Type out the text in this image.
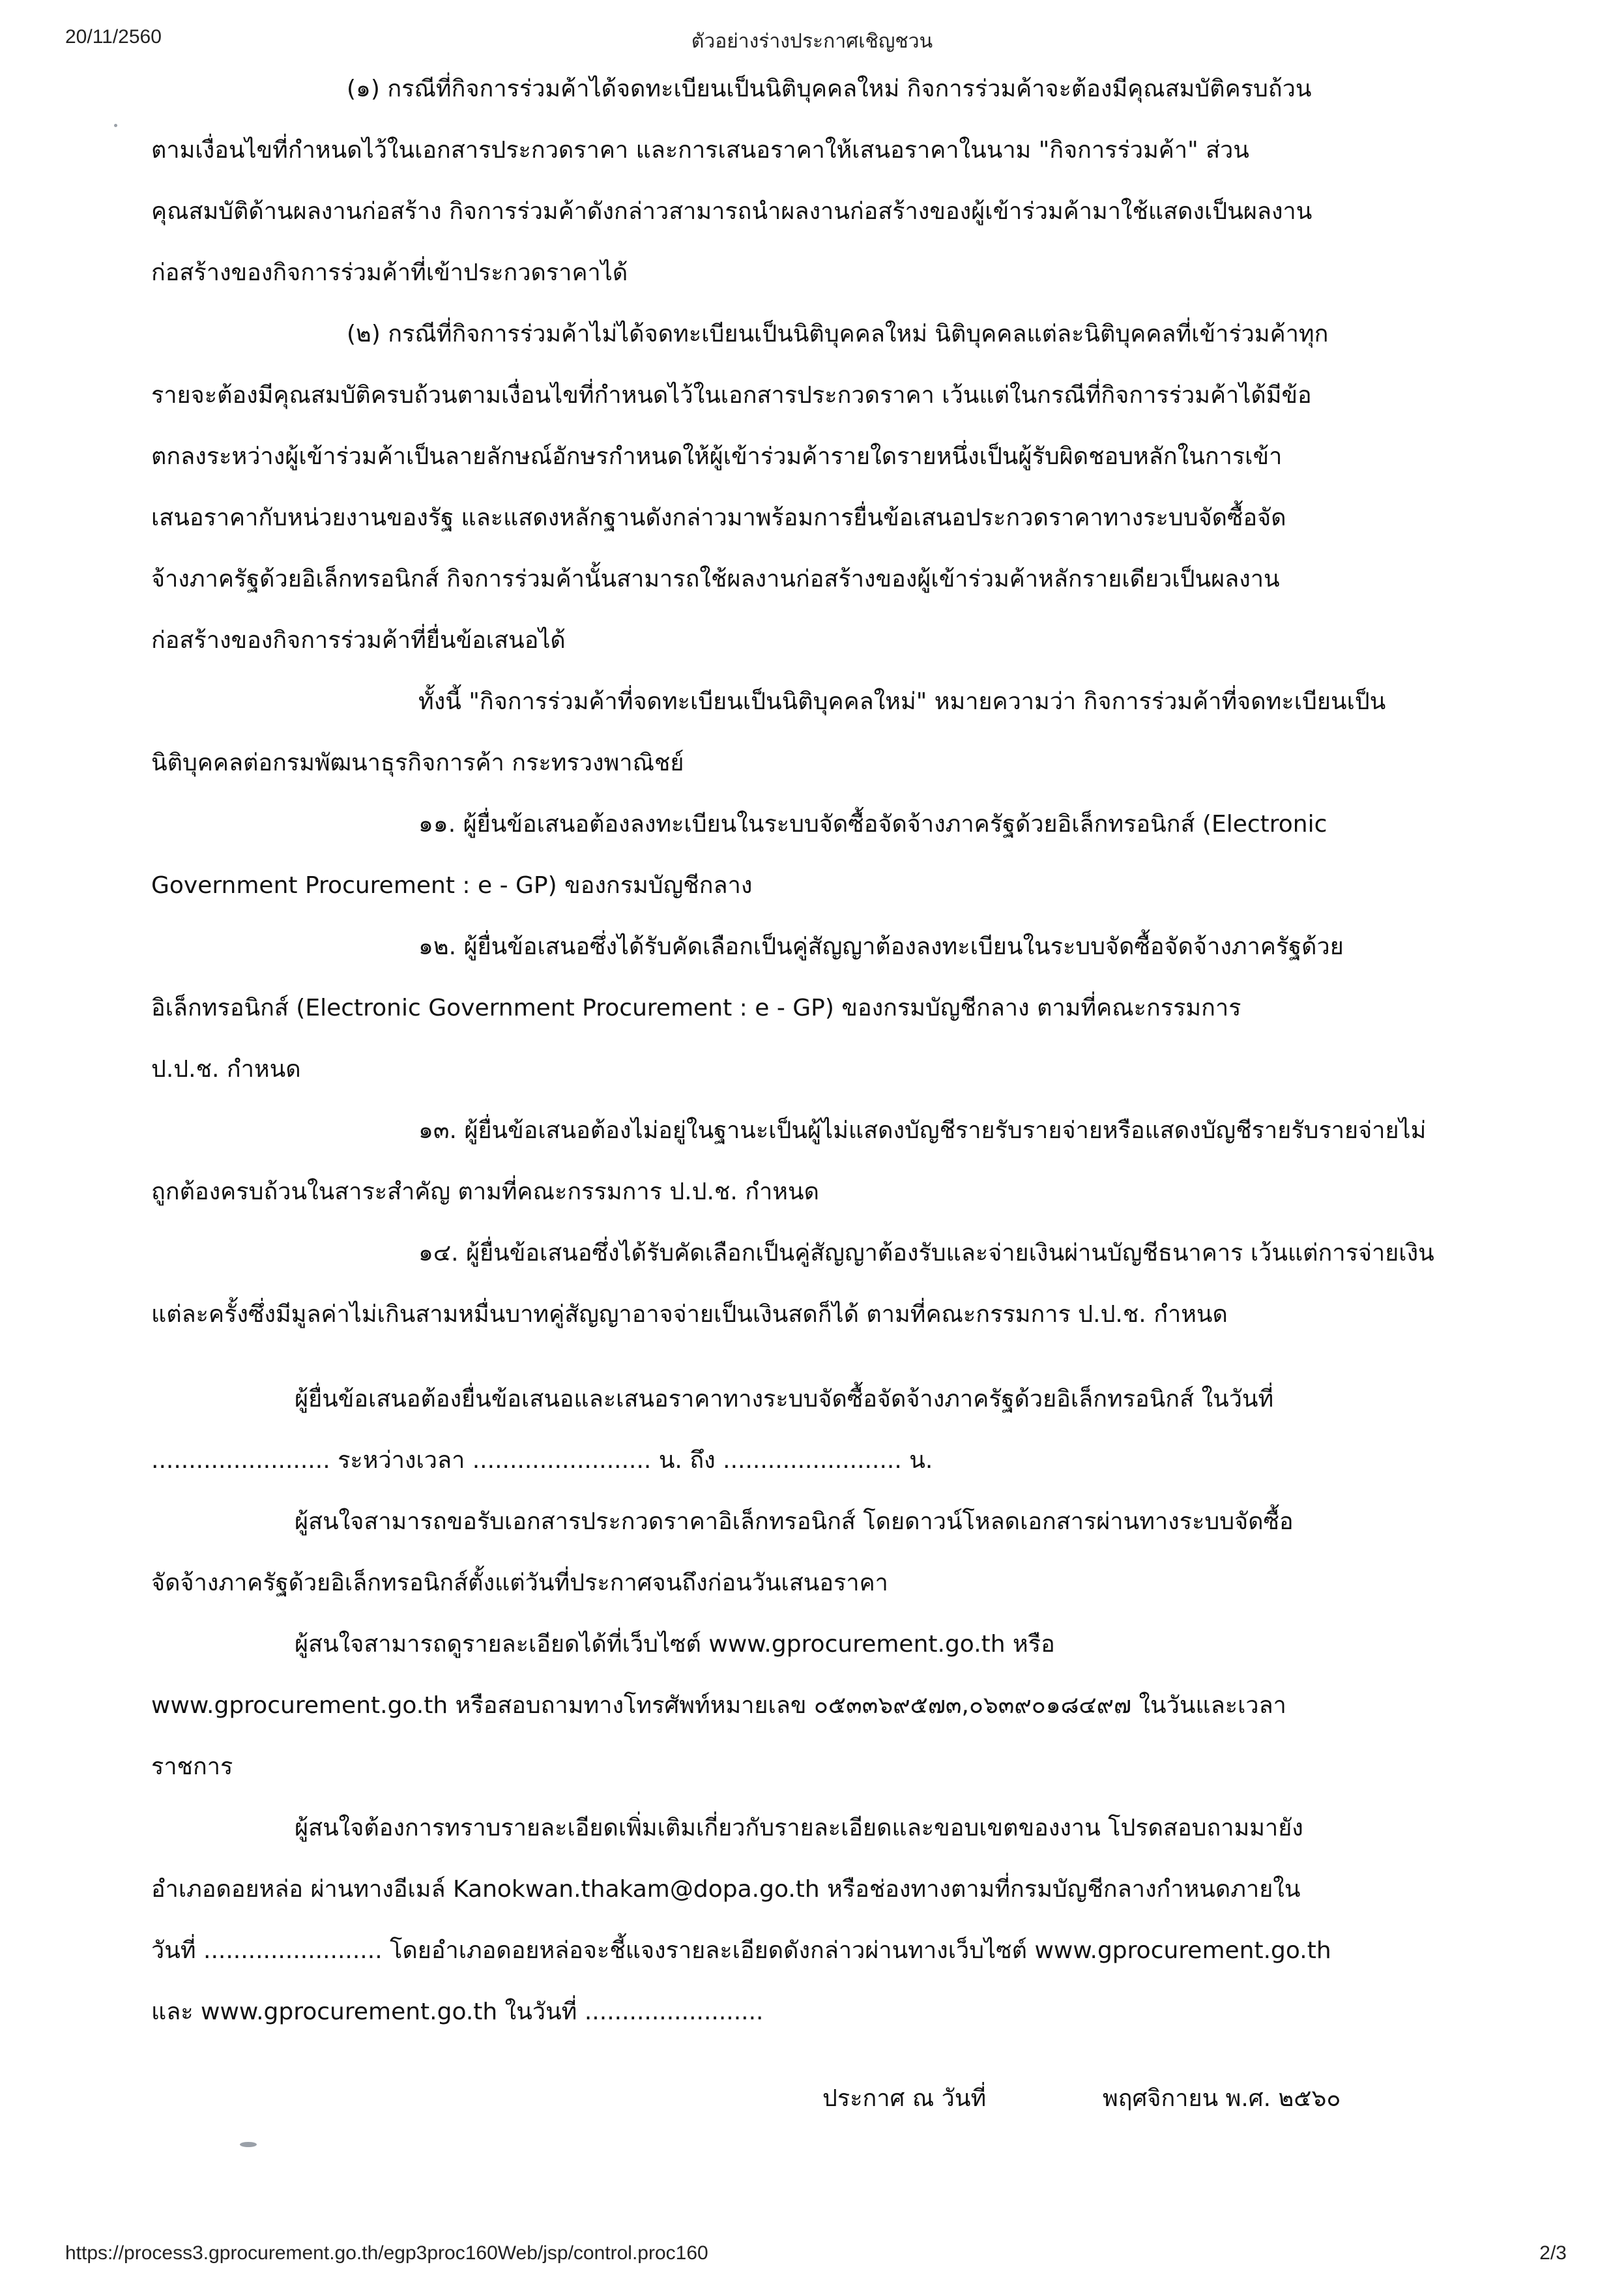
20/11/2560	ตัวอย่างร่างประกาศเชิญชวน
(๑) กรณีที่กิจการร่วมค้าได้จดทะเบียนเป็นนิติบุคคลใหม่ กิจการร่วมค้าจะต้องมีคุณสมบัติครบถ้วน
ตามเงื่อนไขที่กำหนดไว้ในเอกสารประกวดราคา และการเสนอราคาให้เสนอราคาในนาม "กิจการร่วมค้า" ส่วน
คุณสมบัติด้านผลงานก่อสร้าง กิจการร่วมค้าดังกล่าวสามารถนำผลงานก่อสร้างของผู้เข้าร่วมค้ามาใช้แสดงเป็นผลงาน
ก่อสร้างของกิจการร่วมค้าที่เข้าประกวดราคาได้
(๒) กรณีที่กิจการร่วมค้าไม่ได้จดทะเบียนเป็นนิติบุคคลใหม่ นิติบุคคลแต่ละนิติบุคคลที่เข้าร่วมค้าทุก
รายจะต้องมีคุณสมบัติครบถ้วนตามเงื่อนไขที่กำหนดไว้ในเอกสารประกวดราคา เว้นแต่ในกรณีที่กิจการร่วมค้าได้มีข้อ
ตกลงระหว่างผู้เข้าร่วมค้าเป็นลายลักษณ์อักษรกำหนดให้ผู้เข้าร่วมค้ารายใดรายหนึ่งเป็นผู้รับผิดชอบหลักในการเข้า
เสนอราคากับหน่วยงานของรัฐ และแสดงหลักฐานดังกล่าวมาพร้อมการยื่นข้อเสนอประกวดราคาทางระบบจัดซื้อจัด
จ้างภาครัฐด้วยอิเล็กทรอนิกส์ กิจการร่วมค้านั้นสามารถใช้ผลงานก่อสร้างของผู้เข้าร่วมค้าหลักรายเดียวเป็นผลงาน
ก่อสร้างของกิจการร่วมค้าที่ยื่นข้อเสนอได้
ทั้งนี้ "กิจการร่วมค้าที่จดทะเบียนเป็นนิติบุคคลใหม่" หมายความว่า กิจการร่วมค้าที่จดทะเบียนเป็น
นิติบุคคลต่อกรมพัฒนาธุรกิจการค้า กระทรวงพาณิชย์
๑๑. ผู้ยื่นข้อเสนอต้องลงทะเบียนในระบบจัดซื้อจัดจ้างภาครัฐด้วยอิเล็กทรอนิกส์ (Electronic
Government Procurement : e - GP) ของกรมบัญชีกลาง
๑๒. ผู้ยื่นข้อเสนอซึ่งได้รับคัดเลือกเป็นคู่สัญญาต้องลงทะเบียนในระบบจัดซื้อจัดจ้างภาครัฐด้วย
อิเล็กทรอนิกส์ (Electronic Government Procurement : e - GP) ของกรมบัญชีกลาง ตามที่คณะกรรมการ
ป.ป.ช. กำหนด
๑๓. ผู้ยื่นข้อเสนอต้องไม่อยู่ในฐานะเป็นผู้ไม่แสดงบัญชีรายรับรายจ่ายหรือแสดงบัญชีรายรับรายจ่ายไม่
ถูกต้องครบถ้วนในสาระสำคัญ ตามที่คณะกรรมการ ป.ป.ช. กำหนด
๑๔. ผู้ยื่นข้อเสนอซึ่งได้รับคัดเลือกเป็นคู่สัญญาต้องรับและจ่ายเงินผ่านบัญชีธนาคาร เว้นแต่การจ่ายเงิน
แต่ละครั้งซึ่งมีมูลค่าไม่เกินสามหมื่นบาทคู่สัญญาอาจจ่ายเป็นเงินสดก็ได้ ตามที่คณะกรรมการ ป.ป.ช. กำหนด
ผู้ยื่นข้อเสนอต้องยื่นข้อเสนอและเสนอราคาทางระบบจัดซื้อจัดจ้างภาครัฐด้วยอิเล็กทรอนิกส์ ในวันที่
........................ ระหว่างเวลา ........................ น. ถึง ........................ น.
ผู้สนใจสามารถขอรับเอกสารประกวดราคาอิเล็กทรอนิกส์ โดยดาวน์โหลดเอกสารผ่านทางระบบจัดซื้อ
จัดจ้างภาครัฐด้วยอิเล็กทรอนิกส์ตั้งแต่วันที่ประกาศจนถึงก่อนวันเสนอราคา
ผู้สนใจสามารถดูรายละเอียดได้ที่เว็บไซต์ www.gprocurement.go.th หรือ
www.gprocurement.go.th หรือสอบถามทางโทรศัพท์หมายเลข ๐๕๓๓๖๙๕๗๓,๐๖๓๙๐๑๘๔๙๗ ในวันและเวลา
ราชการ
ผู้สนใจต้องการทราบรายละเอียดเพิ่มเติมเกี่ยวกับรายละเอียดและขอบเขตของงาน โปรดสอบถามมายัง
อำเภอดอยหล่อ ผ่านทางอีเมล์ Kanokwan.thakam@dopa.go.th หรือช่องทางตามที่กรมบัญชีกลางกำหนดภายใน
วันที่ ........................ โดยอำเภอดอยหล่อจะชี้แจงรายละเอียดดังกล่าวผ่านทางเว็บไซต์ www.gprocurement.go.th
และ www.gprocurement.go.th ในวันที่ ........................
ประกาศ ณ วันที่	พฤศจิกายน พ.ศ. ๒๕๖๐
https://process3.gprocurement.go.th/egp3proc160Web/jsp/control.proc160	2/3
